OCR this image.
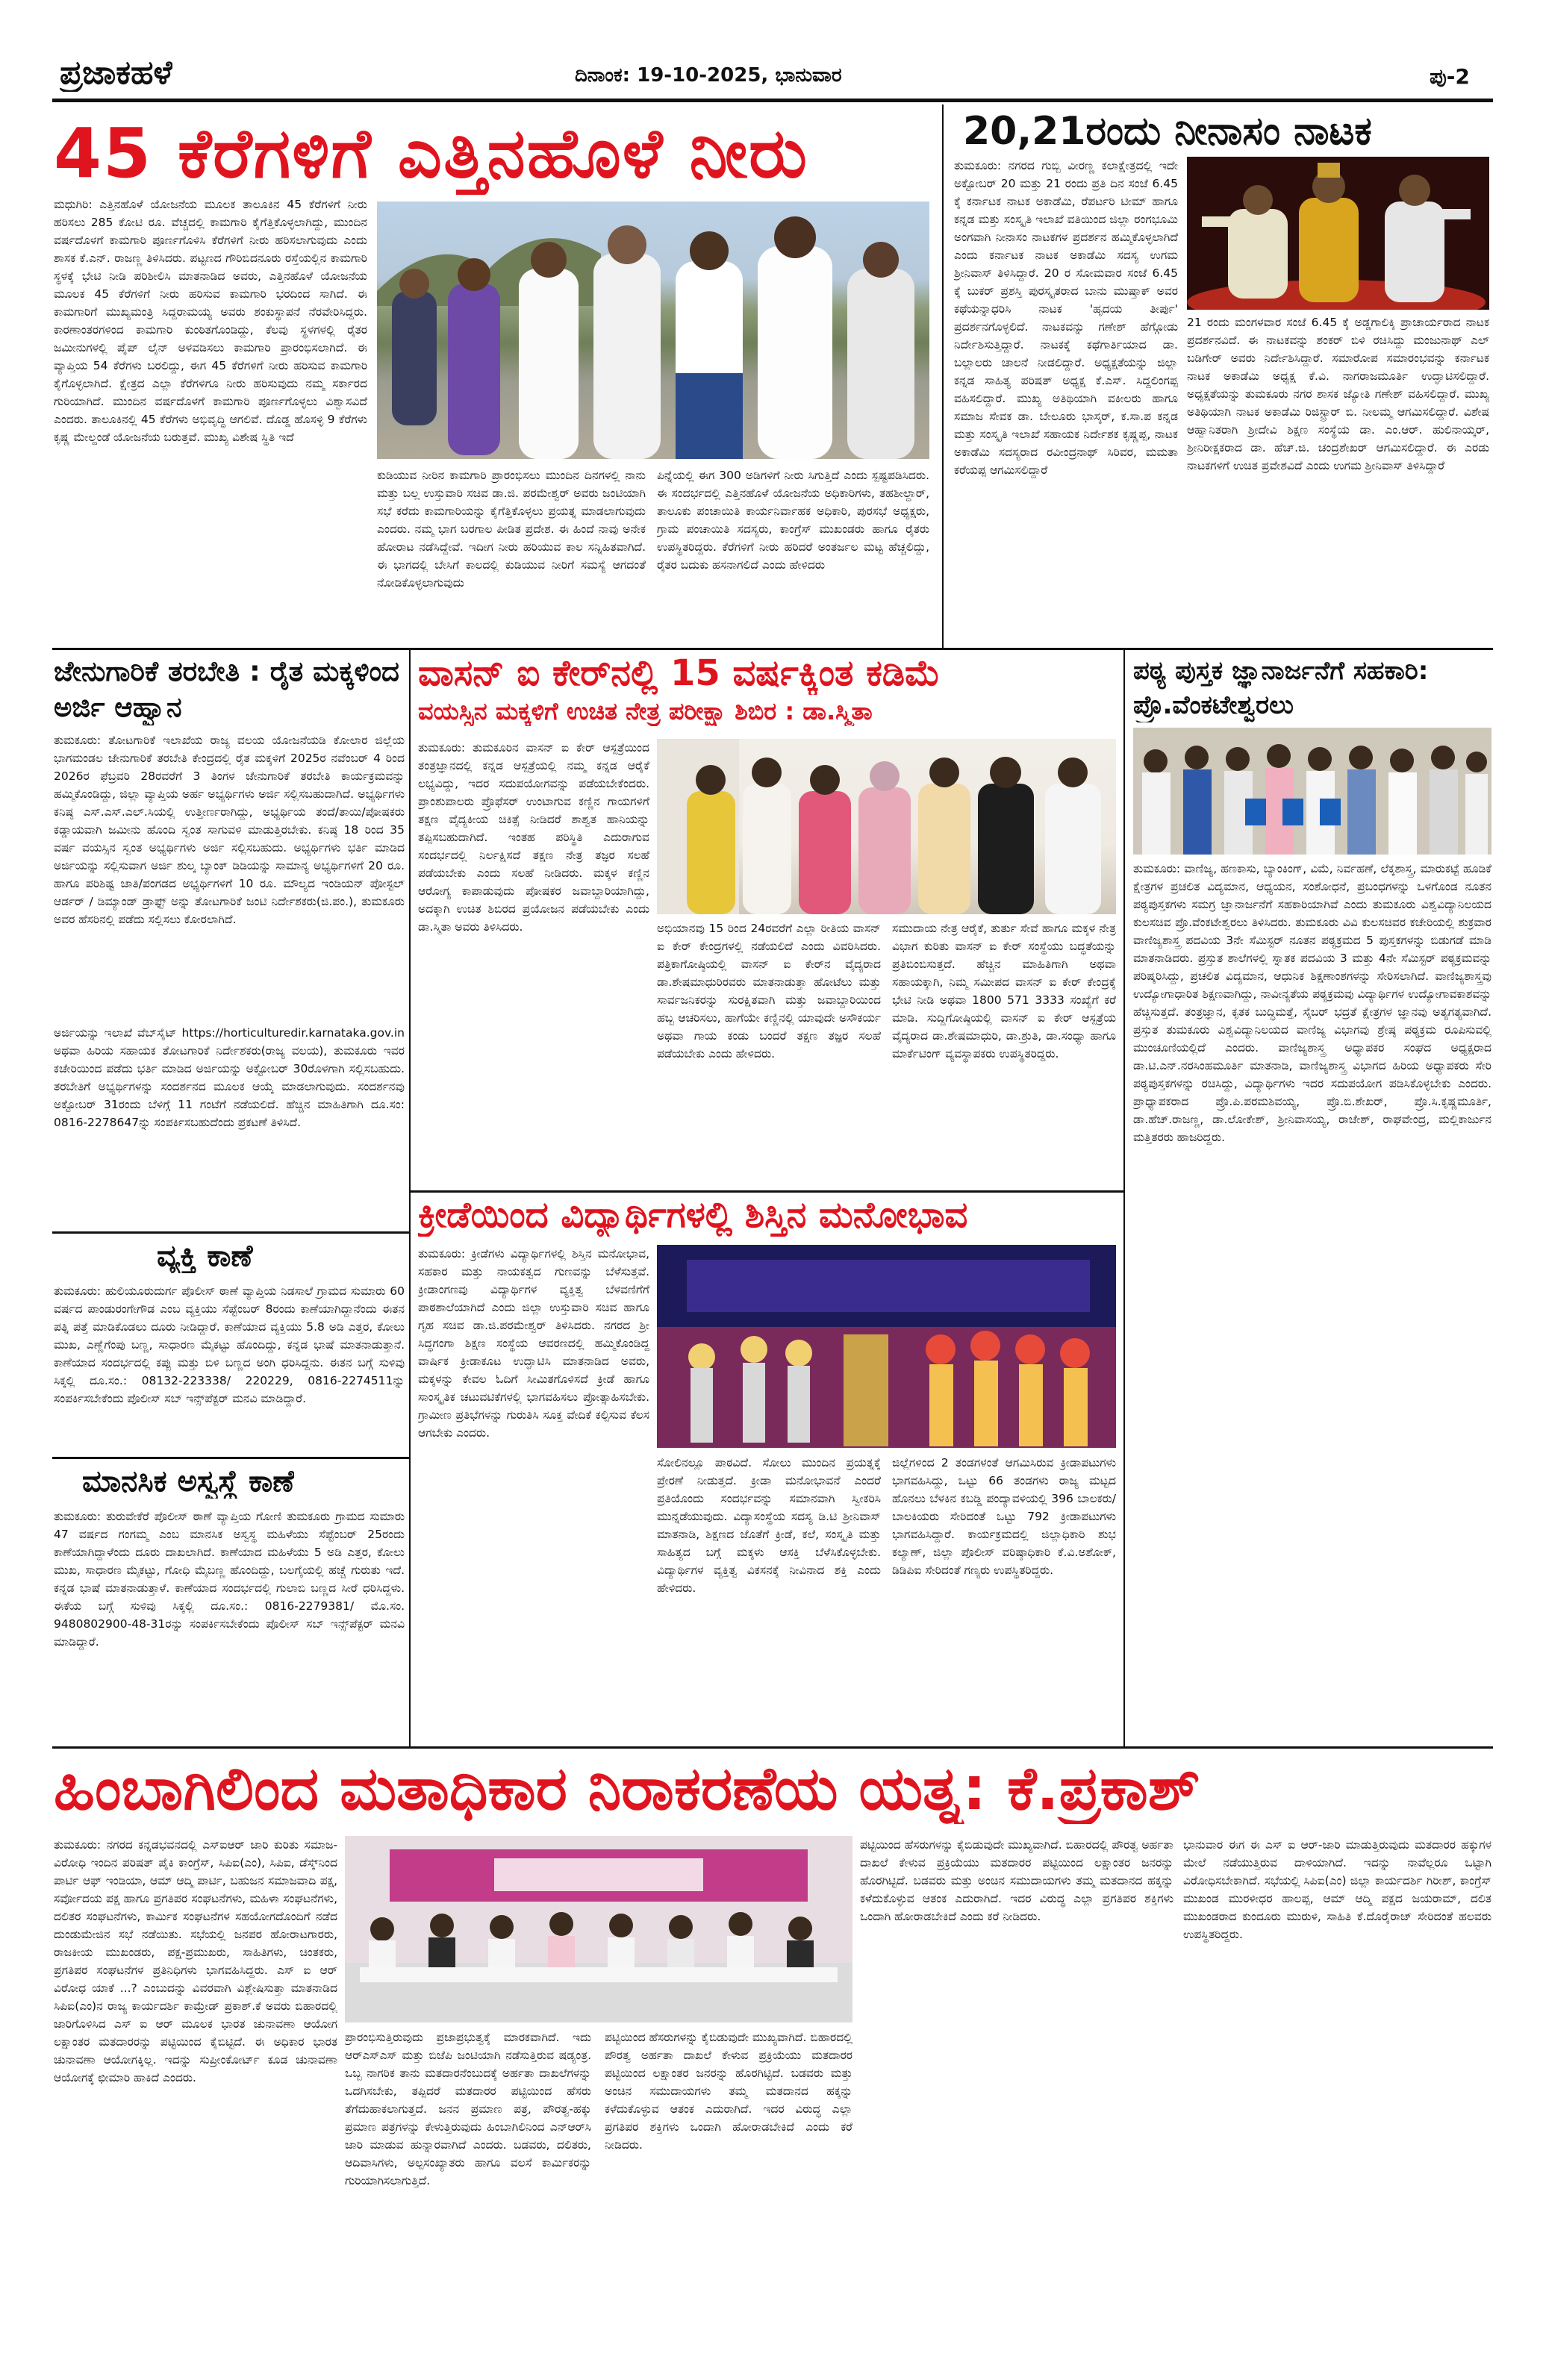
ಪ್ರಜಾಕಹಳೆ	ದಿನಾಂಕ: 19-10-2025, ಭಾನುವಾರ	ಪು-2
45 ಕೆರೆಗಳಿಗೆ ಎತ್ತಿನಹೊಳೆ ನೀರು
ಮಧುಗಿರಿ: ಎತ್ತಿನಹೊಳೆ ಯೋಜನೆಯ ಮೂಲಕ ತಾಲೂಕಿನ 45 ಕೆರೆಗಳಿಗೆ ನೀರು ಹರಿಸಲು 285 ಕೋಟಿ ರೂ. ವೆಚ್ಚದಲ್ಲಿ ಕಾಮಗಾರಿ ಕೈಗೆತ್ತಿಕೊಳ್ಳಲಾಗಿದ್ದು, ಮುಂದಿನ ವರ್ಷದೊಳಗೆ ಕಾಮಗಾರಿ ಪೂರ್ಣಗೊಳಿಸಿ ಕೆರೆಗಳಿಗೆ ನೀರು ಹರಿಸಲಾಗುವುದು ಎಂದು ಶಾಸಕ ಕೆ.ಎನ್. ರಾಜಣ್ಣ ತಿಳಿಸಿದರು. ಪಟ್ಟಣದ ಗೌರಿಬಿದನೂರು ರಸ್ತೆಯಲ್ಲಿನ ಕಾಮಗಾರಿ ಸ್ಥಳಕ್ಕೆ ಭೇಟಿ ನೀಡಿ ಪರಿಶೀಲಿಸಿ ಮಾತನಾಡಿದ ಅವರು, ಎತ್ತಿನಹೊಳೆ ಯೋಜನೆಯ ಮೂಲಕ 45 ಕೆರೆಗಳಿಗೆ ನೀರು ಹರಿಸುವ ಕಾಮಗಾರಿ ಭರದಿಂದ ಸಾಗಿದೆ. ಈ ಕಾಮಗಾರಿಗೆ ಮುಖ್ಯಮಂತ್ರಿ ಸಿದ್ದರಾಮಯ್ಯ ಅವರು ಶಂಕುಸ್ಥಾಪನೆ ನೆರವೇರಿಸಿದ್ದರು. ಕಾರಣಾಂತರಗಳಿಂದ ಕಾಮಗಾರಿ ಕುಂಠಿತಗೊಂಡಿದ್ದು, ಕೆಲವು ಸ್ಥಳಗಳಲ್ಲಿ ರೈತರ ಜಮೀನುಗಳಲ್ಲಿ ಪೈಪ್ ಲೈನ್ ಅಳವಡಿಸಲು ಕಾಮಗಾರಿ ಪ್ರಾರಂಭಿಸಲಾಗಿದೆ. ಈ ವ್ಯಾಪ್ತಿಯ 54 ಕೆರೆಗಳು ಬರಲಿದ್ದು, ಈಗ 45 ಕೆರೆಗಳಿಗೆ ನೀರು ಹರಿಸುವ ಕಾಮಗಾರಿ ಕೈಗೊಳ್ಳಲಾಗಿದೆ. ಕ್ಷೇತ್ರದ ಎಲ್ಲಾ ಕೆರೆಗಳಿಗೂ ನೀರು ಹರಿಸುವುದು ನಮ್ಮ ಸರ್ಕಾರದ ಗುರಿಯಾಗಿದೆ. ಮುಂದಿನ ವರ್ಷದೊಳಗೆ ಕಾಮಗಾರಿ ಪೂರ್ಣಗೊಳ್ಳಲು ವಿಶ್ವಾಸವಿದೆ ಎಂದರು. ತಾಲೂಕಿನಲ್ಲಿ 45 ಕೆರೆಗಳು ಅಭಿವೃದ್ಧಿ ಆಗಲಿವೆ. ದೊಡ್ಡ ಹೊಸಳ್ಳಿ 9 ಕೆರೆಗಳು ಕೃಷ್ಣ ಮೇಲ್ದಂಡೆ ಯೋಜನೆಯ ಬರುತ್ತವೆ. ಮುಖ್ಯ ವಿಶೇಷ ಸ್ಥಿತಿ ಇದೆ
ಕುಡಿಯುವ ನೀರಿನ ಕಾಮಗಾರಿ ಪ್ರಾರಂಭಿಸಲು ಮುಂದಿನ ದಿನಗಳಲ್ಲಿ ನಾನು ಮತ್ತು ಬಲ್ಲ ಉಸ್ತುವಾರಿ ಸಚಿವ ಡಾ.ಜಿ. ಪರಮೇಶ್ವರ್ ಅವರು ಜಂಟಿಯಾಗಿ ಸಭೆ ಕರೆದು ಕಾಮಗಾರಿಯನ್ನು ಕೈಗೆತ್ತಿಕೊಳ್ಳಲು ಪ್ರಯತ್ನ ಮಾಡಲಾಗುವುದು ಎಂದರು. ನಮ್ಮ ಭಾಗ ಬರಗಾಲ ಪೀಡಿತ ಪ್ರದೇಶ. ಈ ಹಿಂದೆ ನಾವು ಅನೇಕ ಹೋರಾಟ ನಡೆಸಿದ್ದೇವೆ. ಇದೀಗ ನೀರು ಹರಿಯುವ ಕಾಲ ಸನ್ನಿಹಿತವಾಗಿದೆ. ಈ ಭಾಗದಲ್ಲಿ ಬೇಸಿಗೆ ಕಾಲದಲ್ಲಿ ಕುಡಿಯುವ ನೀರಿಗೆ ಸಮಸ್ಯೆ ಆಗದಂತೆ ನೋಡಿಕೊಳ್ಳಲಾಗುವುದು
ಪಿನ್ನೆಯಲ್ಲಿ ಈಗ 300 ಅಡಿಗಳಿಗೆ ನೀರು ಸಿಗುತ್ತಿದೆ ಎಂದು ಸ್ಪಷ್ಟಪಡಿಸಿದರು. ಈ ಸಂದರ್ಭದಲ್ಲಿ ಎತ್ತಿನಹೊಳೆ ಯೋಜನೆಯ ಅಧಿಕಾರಿಗಳು, ತಹಶೀಲ್ದಾರ್, ತಾಲೂಕು ಪಂಚಾಯಿತಿ ಕಾರ್ಯನಿರ್ವಾಹಕ ಅಧಿಕಾರಿ, ಪುರಸಭೆ ಅಧ್ಯಕ್ಷರು, ಗ್ರಾಮ ಪಂಚಾಯಿತಿ ಸದಸ್ಯರು, ಕಾಂಗ್ರೆಸ್ ಮುಖಂಡರು ಹಾಗೂ ರೈತರು ಉಪಸ್ಥಿತರಿದ್ದರು. ಕೆರೆಗಳಿಗೆ ನೀರು ಹರಿದರೆ ಅಂತರ್ಜಲ ಮಟ್ಟ ಹೆಚ್ಚಲಿದ್ದು, ರೈತರ ಬದುಕು ಹಸನಾಗಲಿದೆ ಎಂದು ಹೇಳಿದರು
20,21ರಂದು ನೀನಾಸಂ ನಾಟಕ
ತುಮಕೂರು: ನಗರದ ಗುಬ್ಬಿ ವೀರಣ್ಣ ಕಲಾಕ್ಷೇತ್ರದಲ್ಲಿ ಇದೇ ಅಕ್ಟೋಬರ್ 20 ಮತ್ತು 21 ರಂದು ಪ್ರತಿ ದಿನ ಸಂಜೆ 6.45 ಕ್ಕೆ ಕರ್ನಾಟಕ ನಾಟಕ ಅಕಾಡೆಮಿ, ರೆಪರ್ಟರಿ ಟೀಮ್ ಹಾಗೂ ಕನ್ನಡ ಮತ್ತು ಸಂಸ್ಕೃತಿ ಇಲಾಖೆ ವತಿಯಿಂದ ಜಿಲ್ಲಾ ರಂಗಭೂಮಿ ಅಂಗವಾಗಿ ನೀನಾಸಂ ನಾಟಕಗಳ ಪ್ರದರ್ಶನ ಹಮ್ಮಿಕೊಳ್ಳಲಾಗಿದೆ ಎಂದು ಕರ್ನಾಟಕ ನಾಟಕ ಅಕಾಡೆಮಿ ಸದಸ್ಯ ಉಗಮ ಶ್ರೀನಿವಾಸ್ ತಿಳಿಸಿದ್ದಾರೆ. 20 ರ ಸೋಮವಾರ ಸಂಜೆ 6.45 ಕ್ಕೆ ಬುಕರ್ ಪ್ರಶಸ್ತಿ ಪುರಸ್ಕೃತರಾದ ಬಾನು ಮುಷ್ತಾಕ್ ಅವರ ಕಥೆಯನ್ನಾಧರಿಸಿ ನಾಟಕ 'ಹೃದಯ ತೀರ್ಪು' ಪ್ರದರ್ಶನಗೊಳ್ಳಲಿದೆ. ನಾಟಕವನ್ನು ಗಣೇಶ್ ಹೆಗ್ಗೋಡು ನಿರ್ದೇಶಿಸುತ್ತಿದ್ದಾರೆ. ನಾಟಕಕ್ಕೆ ಕಥೆಗಾರ್ತಿಯಾದ ಡಾ. ಬಲ್ಲಾಲರು ಚಾಲನೆ ನೀಡಲಿದ್ದಾರೆ. ಅಧ್ಯಕ್ಷತೆಯನ್ನು ಜಿಲ್ಲಾ ಕನ್ನಡ ಸಾಹಿತ್ಯ ಪರಿಷತ್ ಅಧ್ಯಕ್ಷ ಕೆ.ಎಸ್. ಸಿದ್ದಲಿಂಗಪ್ಪ ವಹಿಸಲಿದ್ದಾರೆ. ಮುಖ್ಯ ಅತಿಥಿಯಾಗಿ ವಕೀಲರು ಹಾಗೂ ಸಮಾಜ ಸೇವಕ ಡಾ. ಬೇಲೂರು ಭಾಸ್ಕರ್, ಕ.ಸಾ.ಪ ಕನ್ನಡ ಮತ್ತು ಸಂಸ್ಕೃತಿ ಇಲಾಖೆ ಸಹಾಯಕ ನಿರ್ದೇಶಕ ಕೃಷ್ಣಪ್ಪ, ನಾಟಕ ಅಕಾಡೆಮಿ ಸದಸ್ಯರಾದ ರವೀಂದ್ರನಾಥ್ ಸಿರಿವರ, ಮಮತಾ ಕರೆಯಪ್ಪ ಆಗಮಿಸಲಿದ್ದಾರೆ
21 ರಂದು ಮಂಗಳವಾರ ಸಂಜೆ 6.45 ಕ್ಕೆ ಅಡ್ಡಗಾಲಿಕ್ಕಿ ಪ್ರಾಚಾರ್ಯರಾದ ನಾಟಕ ಪ್ರದರ್ಶನವಿದೆ. ಈ ನಾಟಕವನ್ನು ಶಂಕರ್ ಬಿಳಿ ರಚಿಸಿದ್ದು ಮಂಜುನಾಥ್ ಎಲ್ ಬಡಿಗೇರ್ ಅವರು ನಿರ್ದೇಶಿಸಿದ್ದಾರೆ. ಸಮಾರೋಪ ಸಮಾರಂಭವನ್ನು ಕರ್ನಾಟಕ ನಾಟಕ ಅಕಾಡೆಮಿ ಅಧ್ಯಕ್ಷ ಕೆ.ವಿ. ನಾಗರಾಜಮೂರ್ತಿ ಉದ್ಘಾಟಿಸಲಿದ್ದಾರೆ. ಅಧ್ಯಕ್ಷತೆಯನ್ನು ತುಮಕೂರು ನಗರ ಶಾಸಕ ಜ್ಯೋತಿ ಗಣೇಶ್ ವಹಿಸಲಿದ್ದಾರೆ. ಮುಖ್ಯ ಅತಿಥಿಯಾಗಿ ನಾಟಕ ಅಕಾಡೆಮಿ ರಿಜಿಸ್ಟ್ರಾರ್ ಬಿ. ನೀಲಮ್ಮ ಆಗಮಿಸಲಿದ್ದಾರೆ. ವಿಶೇಷ ಆಹ್ವಾನಿತರಾಗಿ ಶ್ರೀದೇವಿ ಶಿಕ್ಷಣ ಸಂಸ್ಥೆಯ ಡಾ. ಎಂ.ಆರ್. ಹುಲಿನಾಯ್ಕರ್, ಶ್ರೀನಿರೀಕ್ಷಕರಾದ ಡಾ. ಹೆಚ್.ಜಿ. ಚಂದ್ರಶೇಖರ್ ಆಗಮಿಸಲಿದ್ದಾರೆ. ಈ ಎರಡು ನಾಟಕಗಳಿಗೆ ಉಚಿತ ಪ್ರವೇಶವಿದೆ ಎಂದು ಉಗಮ ಶ್ರೀನಿವಾಸ್ ತಿಳಿಸಿದ್ದಾರೆ
ಜೇನುಗಾರಿಕೆ ತರಬೇತಿ : ರೈತ ಮಕ್ಕಳಿಂದ ಅರ್ಜಿ ಆಹ್ವಾನ
ತುಮಕೂರು: ತೋಟಗಾರಿಕೆ ಇಲಾಖೆಯ ರಾಜ್ಯ ವಲಯ ಯೋಜನೆಯಡಿ ಕೋಲಾರ ಜಿಲ್ಲೆಯ ಭಾಗಮಂಡಲ ಜೇನುಗಾರಿಕೆ ತರಬೇತಿ ಕೇಂದ್ರದಲ್ಲಿ ರೈತ ಮಕ್ಕಳಿಗೆ 2025ರ ನವೆಂಬರ್ 4 ರಿಂದ 2026ರ ಫೆಬ್ರವರಿ 28ರವರೆಗೆ 3 ತಿಂಗಳ ಜೇನುಗಾರಿಕೆ ತರಬೇತಿ ಕಾರ್ಯಕ್ರಮವನ್ನು ಹಮ್ಮಿಕೊಂಡಿದ್ದು, ಜಿಲ್ಲಾ ವ್ಯಾಪ್ತಿಯ ಅರ್ಹ ಅಭ್ಯರ್ಥಿಗಳು ಅರ್ಜಿ ಸಲ್ಲಿಸಬಹುದಾಗಿದೆ. ಅಭ್ಯರ್ಥಿಗಳು ಕನಿಷ್ಠ ಎಸ್.ಎಸ್.ಎಲ್.ಸಿಯಲ್ಲಿ ಉತ್ತೀರ್ಣರಾಗಿದ್ದು, ಅಭ್ಯರ್ಥಿಯ ತಂದೆ/ತಾಯಿ/ಪೋಷಕರು ಕಡ್ಡಾಯವಾಗಿ ಜಮೀನು ಹೊಂದಿ ಸ್ವಂತ ಸಾಗುವಳಿ ಮಾಡುತ್ತಿರಬೇಕು. ಕನಿಷ್ಠ 18 ರಿಂದ 35 ವರ್ಷ ವಯಸ್ಸಿನ ಸ್ವಂತ ಅಭ್ಯರ್ಥಿಗಳು ಅರ್ಜಿ ಸಲ್ಲಿಸಬಹುದು. ಅಭ್ಯರ್ಥಿಗಳು ಭರ್ತಿ ಮಾಡಿದ ಅರ್ಜಿಯನ್ನು ಸಲ್ಲಿಸುವಾಗ ಅರ್ಜಿ ಶುಲ್ಕ ಬ್ಯಾಂಕ್ ಡಿಡಿಯನ್ನು ಸಾಮಾನ್ಯ ಅಭ್ಯರ್ಥಿಗಳಿಗೆ 20 ರೂ. ಹಾಗೂ ಪರಿಶಿಷ್ಟ ಜಾತಿ/ಪಂಗಡದ ಅಭ್ಯರ್ಥಿಗಳಿಗೆ 10 ರೂ. ಮೌಲ್ಯದ ಇಂಡಿಯನ್ ಪೋಸ್ಟಲ್ ಆರ್ಡರ್ / ಡಿಮ್ಯಾಂಡ್ ಡ್ರಾಫ್ಟ್ ಅನ್ನು ತೋಟಗಾರಿಕೆ ಜಂಟಿ ನಿರ್ದೇಶಕರು(ಜಿ.ಪಂ.), ತುಮಕೂರು ಅವರ ಹೆಸರಿನಲ್ಲಿ ಪಡೆದು ಸಲ್ಲಿಸಲು ಕೋರಲಾಗಿದೆ.
ಅರ್ಜಿಯನ್ನು ಇಲಾಖೆ ವೆಬ್‌ಸೈಟ್ https://horticulturedir.karnataka.gov.in ಅಥವಾ ಹಿರಿಯ ಸಹಾಯಕ ತೋಟಗಾರಿಕೆ ನಿರ್ದೇಶಕರು(ರಾಜ್ಯ ವಲಯ), ತುಮಕೂರು ಇವರ ಕಚೇರಿಯಿಂದ ಪಡೆದು ಭರ್ತಿ ಮಾಡಿದ ಅರ್ಜಿಯನ್ನು ಅಕ್ಟೋಬರ್ 30ರೊಳಗಾಗಿ ಸಲ್ಲಿಸಬಹುದು. ತರಬೇತಿಗೆ ಅಭ್ಯರ್ಥಿಗಳನ್ನು ಸಂದರ್ಶನದ ಮೂಲಕ ಆಯ್ಕೆ ಮಾಡಲಾಗುವುದು. ಸಂದರ್ಶನವು ಅಕ್ಟೋಬರ್ 31ರಂದು ಬೆಳಿಗ್ಗೆ 11 ಗಂಟೆಗೆ ನಡೆಯಲಿದೆ. ಹೆಚ್ಚಿನ ಮಾಹಿತಿಗಾಗಿ ದೂ.ಸಂ: 0816-2278647ನ್ನು ಸಂಪರ್ಕಿಸಬಹುದೆಂದು ಪ್ರಕಟಣೆ ತಿಳಿಸಿದೆ.
ವ್ಯಕ್ತಿ ಕಾಣೆ
ತುಮಕೂರು: ಹುಲಿಯೂರುದುರ್ಗ ಪೊಲೀಸ್ ಠಾಣೆ ವ್ಯಾಪ್ತಿಯ ನಿಡಸಾಲೆ ಗ್ರಾಮದ ಸುಮಾರು 60 ವರ್ಷದ ಪಾಂಡುರಂಗೇಗೌಡ ಎಂಬ ವ್ಯಕ್ತಿಯು ಸೆಪ್ಟೆಂಬರ್ 8ರಂದು ಕಾಣೆಯಾಗಿದ್ದಾನೆಂದು ಈತನ ಪತ್ನಿ ಪತ್ತೆ ಮಾಡಿಕೊಡಲು ದೂರು ನೀಡಿದ್ದಾರೆ. ಕಾಣೆಯಾದ ವ್ಯಕ್ತಿಯು 5.8 ಅಡಿ ಎತ್ತರ, ಕೋಲು ಮುಖ, ಎಣ್ಣೆಗೆಂಪು ಬಣ್ಣ, ಸಾಧಾರಣ ಮೈಕಟ್ಟು ಹೊಂದಿದ್ದು, ಕನ್ನಡ ಭಾಷೆ ಮಾತನಾಡುತ್ತಾನೆ. ಕಾಣೆಯಾದ ಸಂದರ್ಭದಲ್ಲಿ ಕಪ್ಪು ಮತ್ತು ಬಿಳಿ ಬಣ್ಣದ ಅಂಗಿ ಧರಿಸಿದ್ದನು. ಈತನ ಬಗ್ಗೆ ಸುಳಿವು ಸಿಕ್ಕಲ್ಲಿ ದೂ.ಸಂ.: 08132-223338/ 220229, 0816-2274511ನ್ನು ಸಂಪರ್ಕಿಸಬೇಕೆಂದು ಪೊಲೀಸ್ ಸಬ್ ಇನ್ಸ್‌ಪೆಕ್ಟರ್ ಮನವಿ ಮಾಡಿದ್ದಾರೆ.
ಮಾನಸಿಕ ಅಸ್ವಸ್ಥೆ ಕಾಣೆ
ತುಮಕೂರು: ತುರುವೇಕೆರೆ ಪೊಲೀಸ್ ಠಾಣೆ ವ್ಯಾಪ್ತಿಯ ಗೋಣಿ ತುಮಕೂರು ಗ್ರಾಮದ ಸುಮಾರು 47 ವರ್ಷದ ಗಂಗಮ್ಮ ಎಂಬ ಮಾನಸಿಕ ಅಸ್ವಸ್ಥ ಮಹಿಳೆಯು ಸೆಪ್ಟೆಂಬರ್ 25ರಂದು ಕಾಣೆಯಾಗಿದ್ದಾಳೆಂದು ದೂರು ದಾಖಲಾಗಿದೆ. ಕಾಣೆಯಾದ ಮಹಿಳೆಯು 5 ಅಡಿ ಎತ್ತರ, ಕೋಲು ಮುಖ, ಸಾಧಾರಣ ಮೈಕಟ್ಟು, ಗೋಧಿ ಮೈಬಣ್ಣ ಹೊಂದಿದ್ದು, ಬಲಗೈಯಲ್ಲಿ ಹಚ್ಚೆ ಗುರುತು ಇದೆ. ಕನ್ನಡ ಭಾಷೆ ಮಾತನಾಡುತ್ತಾಳೆ. ಕಾಣೆಯಾದ ಸಂದರ್ಭದಲ್ಲಿ ಗುಲಾಬಿ ಬಣ್ಣದ ಸೀರೆ ಧರಿಸಿದ್ದಳು. ಈಕೆಯ ಬಗ್ಗೆ ಸುಳಿವು ಸಿಕ್ಕಲ್ಲಿ ದೂ.ಸಂ.: 0816-2279381/ ಮೊ.ಸಂ. 9480802900-48-31ರನ್ನು ಸಂಪರ್ಕಿಸಬೇಕೆಂದು ಪೊಲೀಸ್ ಸಬ್ ಇನ್ಸ್‌ಪೆಕ್ಟರ್ ಮನವಿ ಮಾಡಿದ್ದಾರೆ.
ವಾಸನ್ ಐ ಕೇರ್‌ನಲ್ಲಿ 15 ವರ್ಷಕ್ಕಿಂತ ಕಡಿಮೆ
ವಯಸ್ಸಿನ ಮಕ್ಕಳಿಗೆ ಉಚಿತ ನೇತ್ರ ಪರೀಕ್ಷಾ ಶಿಬಿರ : ಡಾ.ಸ್ಮಿತಾ
ತುಮಕೂರು: ತುಮಕೂರಿನ ವಾಸನ್ ಐ ಕೇರ್ ಆಸ್ಪತ್ರೆಯಿಂದ ತಂತ್ರಜ್ಞಾನದಲ್ಲಿ ಕನ್ನಡ ಆಸ್ಪತ್ರೆಯಲ್ಲಿ ನಮ್ಮ ಕನ್ನಡ ಆರೈಕೆ ಲಭ್ಯವಿದ್ದು, ಇದರ ಸದುಪಯೋಗವನ್ನು ಪಡೆಯಬೇಕೆಂದರು. ಪ್ರಾಂಶುಪಾಲರು ಪ್ರೊಫೆಸರ್ ಉಂಟಾಗುವ ಕಣ್ಣಿನ ಗಾಯಗಳಿಗೆ ತಕ್ಷಣ ವೈದ್ಯಕೀಯ ಚಿಕಿತ್ಸೆ ನೀಡಿದರೆ ಶಾಶ್ವತ ಹಾನಿಯನ್ನು ತಪ್ಪಿಸಬಹುದಾಗಿದೆ. ಇಂತಹ ಪರಿಸ್ಥಿತಿ ಎದುರಾಗುವ ಸಂದರ್ಭದಲ್ಲಿ ನಿರ್ಲಕ್ಷಿಸದೆ ತಕ್ಷಣ ನೇತ್ರ ತಜ್ಞರ ಸಲಹೆ ಪಡೆಯಬೇಕು ಎಂದು ಸಲಹೆ ನೀಡಿದರು. ಮಕ್ಕಳ ಕಣ್ಣಿನ ಆರೋಗ್ಯ ಕಾಪಾಡುವುದು ಪೋಷಕರ ಜವಾಬ್ದಾರಿಯಾಗಿದ್ದು, ಅದಕ್ಕಾಗಿ ಉಚಿತ ಶಿಬಿರದ ಪ್ರಯೋಜನ ಪಡೆಯಬೇಕು ಎಂದು ಡಾ.ಸ್ಮಿತಾ ಅವರು ತಿಳಿಸಿದರು.	ಅಭಿಯಾನವು 15 ರಿಂದ 24ರವರೆಗೆ ಎಲ್ಲಾ ರೀತಿಯ ವಾಸನ್ ಐ ಕೇರ್ ಕೇಂದ್ರಗಳಲ್ಲಿ ನಡೆಯಲಿದೆ ಎಂದು ವಿವರಿಸಿದರು. ಪತ್ರಿಕಾಗೋಷ್ಠಿಯಲ್ಲಿ ವಾಸನ್ ಐ ಕೇರ್‌ನ ವೈದ್ಯರಾದ ಡಾ.ಶೇಷಮಾಧುರಿರವರು ಮಾತನಾಡುತ್ತಾ ಹೋಟೆಲು ಮತ್ತು ಸಾರ್ವಜನಿಕರನ್ನು ಸುರಕ್ಷಿತವಾಗಿ ಮತ್ತು ಜವಾಬ್ದಾರಿಯಿಂದ ಹಬ್ಬ ಆಚರಿಸಲು, ಹಾಗೆಯೇ ಕಣ್ಣಿನಲ್ಲಿ ಯಾವುದೇ ಅಸೌಕರ್ಯ ಅಥವಾ ಗಾಯ ಕಂಡು ಬಂದರೆ ತಕ್ಷಣ ತಜ್ಞರ ಸಲಹೆ ಪಡೆಯಬೇಕು ಎಂದು ಹೇಳಿದರು.
ಸಮುದಾಯ ನೇತ್ರ ಆರೈಕೆ, ತುರ್ತು ಸೇವೆ ಹಾಗೂ ಮಕ್ಕಳ ನೇತ್ರ ವಿಭಾಗ ಕುರಿತು ವಾಸನ್ ಐ ಕೇರ್ ಸಂಸ್ಥೆಯು ಬದ್ಧತೆಯನ್ನು ಪ್ರತಿಬಿಂಬಿಸುತ್ತದೆ. ಹೆಚ್ಚಿನ ಮಾಹಿತಿಗಾಗಿ ಅಥವಾ ಸಹಾಯಕ್ಕಾಗಿ, ನಿಮ್ಮ ಸಮೀಪದ ವಾಸನ್ ಐ ಕೇರ್ ಕೇಂದ್ರಕ್ಕೆ ಭೇಟಿ ನೀಡಿ ಅಥವಾ 1800 571 3333 ಸಂಖ್ಯೆಗೆ ಕರೆ ಮಾಡಿ. ಸುದ್ದಿಗೋಷ್ಠಿಯಲ್ಲಿ ವಾಸನ್ ಐ ಕೇರ್ ಆಸ್ಪತ್ರೆಯ ವೈದ್ಯರಾದ ಡಾ.ಶೇಷಮಾಧುರಿ, ಡಾ.ಶ್ರುತಿ, ಡಾ.ಸಂಧ್ಯಾ ಹಾಗೂ ಮಾರ್ಕೆಟಿಂಗ್ ವ್ಯವಸ್ಥಾಪಕರು ಉಪಸ್ಥಿತರಿದ್ದರು.
ಕ್ರೀಡೆಯಿಂದ ವಿದ್ಯಾರ್ಥಿಗಳಲ್ಲಿ ಶಿಸ್ತಿನ ಮನೋಭಾವ
ತುಮಕೂರು: ಕ್ರೀಡೆಗಳು ವಿದ್ಯಾರ್ಥಿಗಳಲ್ಲಿ ಶಿಸ್ತಿನ ಮನೋಭಾವ, ಸಹಕಾರ ಮತ್ತು ನಾಯಕತ್ವದ ಗುಣವನ್ನು ಬೆಳೆಸುತ್ತವೆ. ಕ್ರೀಡಾಂಗಣವು ವಿದ್ಯಾರ್ಥಿಗಳ ವ್ಯಕ್ತಿತ್ವ ಬೆಳವಣಿಗೆಗೆ ಪಾಠಶಾಲೆಯಾಗಿದೆ ಎಂದು ಜಿಲ್ಲಾ ಉಸ್ತುವಾರಿ ಸಚಿವ ಹಾಗೂ ಗೃಹ ಸಚಿವ ಡಾ.ಜಿ.ಪರಮೇಶ್ವರ್ ತಿಳಿಸಿದರು. ನಗರದ ಶ್ರೀ ಸಿದ್ಧಗಂಗಾ ಶಿಕ್ಷಣ ಸಂಸ್ಥೆಯ ಆವರಣದಲ್ಲಿ ಹಮ್ಮಿಕೊಂಡಿದ್ದ ವಾರ್ಷಿಕ ಕ್ರೀಡಾಕೂಟ ಉದ್ಘಾಟಿಸಿ ಮಾತನಾಡಿದ ಅವರು, ಮಕ್ಕಳನ್ನು ಕೇವಲ ಓದಿಗೆ ಸೀಮಿತಗೊಳಿಸದೆ ಕ್ರೀಡೆ ಹಾಗೂ ಸಾಂಸ್ಕೃತಿಕ ಚಟುವಟಿಕೆಗಳಲ್ಲಿ ಭಾಗವಹಿಸಲು ಪ್ರೋತ್ಸಾಹಿಸಬೇಕು. ಗ್ರಾಮೀಣ ಪ್ರತಿಭೆಗಳನ್ನು ಗುರುತಿಸಿ ಸೂಕ್ತ ವೇದಿಕೆ ಕಲ್ಪಿಸುವ ಕೆಲಸ ಆಗಬೇಕು ಎಂದರು.
ಸೋಲಿನಲ್ಲೂ ಪಾಠವಿದೆ. ಸೋಲು ಮುಂದಿನ ಪ್ರಯತ್ನಕ್ಕೆ ಪ್ರೇರಣೆ ನೀಡುತ್ತದೆ. ಕ್ರೀಡಾ ಮನೋಭಾವನೆ ಎಂದರೆ ಪ್ರತಿಯೊಂದು ಸಂದರ್ಭವನ್ನು ಸಮಾನವಾಗಿ ಸ್ವೀಕರಿಸಿ ಮುನ್ನಡೆಯುವುದು. ವಿದ್ಯಾಸಂಸ್ಥೆಯ ಸದಸ್ಯ ಡಿ.ಟಿ ಶ್ರೀನಿವಾಸ್ ಮಾತನಾಡಿ, ಶಿಕ್ಷಣದ ಜೊತೆಗೆ ಕ್ರೀಡೆ, ಕಲೆ, ಸಂಸ್ಕೃತಿ ಮತ್ತು ಸಾಹಿತ್ಯದ ಬಗ್ಗೆ ಮಕ್ಕಳು ಆಸಕ್ತಿ ಬೆಳೆಸಿಕೊಳ್ಳಬೇಕು. ವಿದ್ಯಾರ್ಥಿಗಳ ವ್ಯಕ್ತಿತ್ವ ವಿಕಸನಕ್ಕೆ ನೀವಿನಾದ ಶಕ್ತಿ ಎಂದು ಹೇಳಿದರು.
ಜಿಲ್ಲೆಗಳಿಂದ 2 ತಂಡಗಳಂತೆ ಆಗಮಿಸಿರುವ ಕ್ರೀಡಾಪಟುಗಳು ಭಾಗವಹಿಸಿದ್ದು, ಒಟ್ಟು 66 ತಂಡಗಳು ರಾಜ್ಯ ಮಟ್ಟದ ಹೊನಲು ಬೆಳಕಿನ ಕಬಡ್ಡಿ ಪಂದ್ಯಾವಳಿಯಲ್ಲಿ 396 ಬಾಲಕರು/ಬಾಲಕಿಯರು ಸೇರಿದಂತೆ ಒಟ್ಟು 792 ಕ್ರೀಡಾಪಟುಗಳು ಭಾಗವಹಿಸಿದ್ದಾರೆ. ಕಾರ್ಯಕ್ರಮದಲ್ಲಿ ಜಿಲ್ಲಾಧಿಕಾರಿ ಶುಭ ಕಲ್ಯಾಣ್, ಜಿಲ್ಲಾ ಪೊಲೀಸ್ ವರಿಷ್ಠಾಧಿಕಾರಿ ಕೆ.ವಿ.ಅಶೋಕ್, ಡಿಡಿಪಿಐ ಸೇರಿದಂತೆ ಗಣ್ಯರು ಉಪಸ್ಥಿತರಿದ್ದರು.
ಪಠ್ಯ ಪುಸ್ತಕ ಜ್ಞಾನಾರ್ಜನೆಗೆ ಸಹಕಾರಿ: ಪ್ರೊ.ವೆಂಕಟೇಶ್ವರಲು
ತುಮಕೂರು: ವಾಣಿಜ್ಯ, ಹಣಕಾಸು, ಬ್ಯಾಂಕಿಂಗ್, ವಿಮೆ, ನಿರ್ವಹಣೆ, ಲೆಕ್ಕಶಾಸ್ತ್ರ, ಮಾರುಕಟ್ಟೆ ಹೂಡಿಕೆ ಕ್ಷೇತ್ರಗಳ ಪ್ರಚಲಿತ ವಿದ್ಯಮಾನ, ಆಧ್ಯಯನ, ಸಂಶೋಧನೆ, ಪ್ರಬಂಧಗಳನ್ನು ಒಳಗೊಂಡ ನೂತನ ಪಠ್ಯಪುಸ್ತಕಗಳು ಸಮಗ್ರ ಜ್ಞಾನಾರ್ಜನೆಗೆ ಸಹಕಾರಿಯಾಗಿವೆ ಎಂದು ತುಮಕೂರು ವಿಶ್ವವಿದ್ಯಾನಿಲಯದ ಕುಲಸಚಿವ ಪ್ರೊ.ವೆಂಕಟೇಶ್ವರಲು ತಿಳಿಸಿದರು. ತುಮಕೂರು ವಿವಿ ಕುಲಸಚಿವರ ಕಚೇರಿಯಲ್ಲಿ ಶುಕ್ರವಾರ ವಾಣಿಜ್ಯಶಾಸ್ತ್ರ ಪದವಿಯ 3ನೇ ಸೆಮಿಸ್ಟರ್ ನೂತನ ಪಠ್ಯಕ್ರಮದ 5 ಪುಸ್ತಕಗಳನ್ನು ಬಿಡುಗಡೆ ಮಾಡಿ ಮಾತನಾಡಿದರು. ಪ್ರಸ್ತುತ ಶಾಲೆಗಳಲ್ಲಿ ಸ್ನಾತಕ ಪದವಿಯ 3 ಮತ್ತು 4ನೇ ಸೆಮಿಸ್ಟರ್ ಪಠ್ಯಕ್ರಮವನ್ನು ಪರಿಷ್ಕರಿಸಿದ್ದು, ಪ್ರಚಲಿತ ವಿದ್ಯಮಾನ, ಆಧುನಿಕ ಶಿಕ್ಷಣಾಂಶಗಳನ್ನು ಸೇರಿಸಲಾಗಿದೆ. ವಾಣಿಜ್ಯಶಾಸ್ತ್ರವು ಉದ್ಯೋಗಾಧಾರಿತ ಶಿಕ್ಷಣವಾಗಿದ್ದು, ನಾವೀನ್ಯತೆಯ ಪಠ್ಯಕ್ರಮವು ವಿದ್ಯಾರ್ಥಿಗಳ ಉದ್ಯೋಗಾವಕಾಶವನ್ನು ಹೆಚ್ಚಿಸುತ್ತದೆ. ತಂತ್ರಜ್ಞಾನ, ಕೃತಕ ಬುದ್ಧಿಮತ್ತೆ, ಸೈಬರ್ ಭದ್ರತೆ ಕ್ಷೇತ್ರಗಳ ಜ್ಞಾನವು ಅತ್ಯಗತ್ಯವಾಗಿದೆ. ಪ್ರಸ್ತುತ ತುಮಕೂರು ವಿಶ್ವವಿದ್ಯಾನಿಲಯದ ವಾಣಿಜ್ಯ ವಿಭಾಗವು ಶ್ರೇಷ್ಠ ಪಠ್ಯಕ್ರಮ ರೂಪಿಸುವಲ್ಲಿ ಮುಂಚೂಣಿಯಲ್ಲಿದೆ ಎಂದರು. ವಾಣಿಜ್ಯಶಾಸ್ತ್ರ ಅಧ್ಯಾಪಕರ ಸಂಘದ ಅಧ್ಯಕ್ಷರಾದ ಡಾ.ಟಿ.ಎನ್.ನರಸಿಂಹಮೂರ್ತಿ ಮಾತನಾಡಿ, ವಾಣಿಜ್ಯಶಾಸ್ತ್ರ ವಿಭಾಗದ ಹಿರಿಯ ಅಧ್ಯಾಪಕರು ಸೇರಿ ಪಠ್ಯಪುಸ್ತಕಗಳನ್ನು ರಚಿಸಿದ್ದು, ವಿದ್ಯಾರ್ಥಿಗಳು ಇದರ ಸದುಪಯೋಗ ಪಡಿಸಿಕೊಳ್ಳಬೇಕು ಎಂದರು. ಪ್ರಾಧ್ಯಾಪಕರಾದ ಪ್ರೊ.ಪಿ.ಪರಮಶಿವಯ್ಯ, ಪ್ರೊ.ಬಿ.ಶೇಖರ್, ಪ್ರೊ.ಸಿ.ಕೃಷ್ಣಮೂರ್ತಿ, ಡಾ.ಹೆಚ್.ರಾಜಣ್ಣ, ಡಾ.ಲೋಕೇಶ್, ಶ್ರೀನಿವಾಸಯ್ಯ, ರಾಜೇಶ್, ರಾಘವೇಂದ್ರ, ಮಲ್ಲಿಕಾರ್ಜುನ ಮತ್ತಿತರರು ಹಾಜರಿದ್ದರು.
ಹಿಂಬಾಗಿಲಿಂದ ಮತಾಧಿಕಾರ ನಿರಾಕರಣೆಯ ಯತ್ನ: ಕೆ.ಪ್ರಕಾಶ್
ತುಮಕೂರು: ನಗರದ ಕನ್ನಡಭವನದಲ್ಲಿ ಎಸ್‌ಐಆರ್ ಜಾರಿ ಕುರಿತು ಸಮಾಜ-ವಿರೋಧಿ ಇಂದಿನ ಪರಿಷತ್ ಪೈಕಿ ಕಾಂಗ್ರೆಸ್, ಸಿಪಿಐ(ಎಂ), ಸಿಪಿಐ, ಡೆಸ್ಕ್‌ನಿಂದ ಪಾರ್ಟಿ ಆಫ್ ಇಂಡಿಯಾ, ಆಮ್ ಆದ್ಮಿ ಪಾರ್ಟಿ, ಬಹುಜನ ಸಮಾಜವಾದಿ ಪಕ್ಷ, ಸರ್ವೋದಯ ಪಕ್ಷ ಹಾಗೂ ಪ್ರಗತಿಪರ ಸಂಘಟನೆಗಳು, ಮಹಿಳಾ ಸಂಘಟನೆಗಳು, ದಲಿತರ ಸಂಘಟನೆಗಳು, ಕಾರ್ಮಿಕ ಸಂಘಟನೆಗಳ ಸಹಯೋಗದೊಂದಿಗೆ ನಡೆದ ದುಂಡುಮೇಜಿನ ಸಭೆ ನಡೆಯಿತು. ಸಭೆಯಲ್ಲಿ ಜನಪರ ಹೋರಾಟಗಾರರು, ರಾಜಕೀಯ ಮುಖಂಡರು, ಪಕ್ಷ-ಪ್ರಮುಖರು, ಸಾಹಿತಿಗಳು, ಚಿಂತಕರು, ಪ್ರಗತಿಪರ ಸಂಘಟನೆಗಳ ಪ್ರತಿನಿಧಿಗಳು ಭಾಗವಹಿಸಿದ್ದರು. ಎಸ್ ಐ ಆರ್ ವಿರೋಧ ಯಾಕೆ ...? ಎಂಬುದನ್ನು ವಿವರವಾಗಿ ವಿಶ್ಲೇಷಿಸುತ್ತಾ ಮಾತನಾಡಿದ ಸಿಪಿಐ(ಎಂ)ನ ರಾಜ್ಯ ಕಾರ್ಯದರ್ಶಿ ಕಾಮ್ರೇಡ್ ಪ್ರಕಾಶ್.ಕೆ ಅವರು ಬಿಹಾರದಲ್ಲಿ ಜಾರಿಗೊಳಿಸಿದ ಎಸ್ ಐ ಆರ್ ಮೂಲಕ ಭಾರತ ಚುನಾವಣಾ ಆಯೋಗ ಲಕ್ಷಾಂತರ ಮತದಾರರನ್ನು ಪಟ್ಟಿಯಿಂದ ಕೈಬಿಟ್ಟಿದೆ. ಈ ಅಧಿಕಾರ ಭಾರತ ಚುನಾವಣಾ ಆಯೋಗಕ್ಕಿಲ್ಲ. ಇದನ್ನು ಸುಪ್ರೀಂಕೋರ್ಟ್ ಕೂಡ ಚುನಾವಣಾ ಆಯೋಗಕ್ಕೆ ಛೀಮಾರಿ ಹಾಕಿದೆ ಎಂದರು.
ಪ್ರಾರಂಭಿಸುತ್ತಿರುವುದು ಪ್ರಜಾಪ್ರಭುತ್ವಕ್ಕೆ ಮಾರಕವಾಗಿದೆ. ಇದು ಆರ್‌ಎಸ್‌ಎಸ್ ಮತ್ತು ಬಿಜೆಪಿ ಜಂಟಿಯಾಗಿ ನಡೆಸುತ್ತಿರುವ ಷಡ್ಯಂತ್ರ. ಒಬ್ಬ ನಾಗರಿಕ ತಾನು ಮತದಾರನೆಂಬುದಕ್ಕೆ ಅರ್ಹತಾ ದಾಖಲೆಗಳನ್ನು ಒದಗಿಸಬೇಕು, ತಪ್ಪಿದರೆ ಮತದಾರರ ಪಟ್ಟಿಯಿಂದ ಹೆಸರು ತೆಗೆದುಹಾಕಲಾಗುತ್ತದೆ. ಜನನ ಪ್ರಮಾಣ ಪತ್ರ, ಪೌರತ್ವ-ಹಕ್ಕು ಪ್ರಮಾಣ ಪತ್ರಗಳನ್ನು ಕೇಳುತ್ತಿರುವುದು ಹಿಂಬಾಗಿಲಿನಿಂದ ಎನ್‌ಆರ್‌ಸಿ ಜಾರಿ ಮಾಡುವ ಹುನ್ನಾರವಾಗಿದೆ ಎಂದರು. ಬಡವರು, ದಲಿತರು, ಆದಿವಾಸಿಗಳು, ಅಲ್ಪಸಂಖ್ಯಾತರು ಹಾಗೂ ವಲಸೆ ಕಾರ್ಮಿಕರನ್ನು ಗುರಿಯಾಗಿಸಲಾಗುತ್ತಿದೆ.
ಪಟ್ಟಿಯಿಂದ ಹೆಸರುಗಳನ್ನು ಕೈಬಿಡುವುದೇ ಮುಖ್ಯವಾಗಿದೆ. ಬಿಹಾರದಲ್ಲಿ ಪೌರತ್ವ ಅರ್ಹತಾ ದಾಖಲೆ ಕೇಳುವ ಪ್ರಕ್ರಿಯೆಯು ಮತದಾರರ ಪಟ್ಟಿಯಿಂದ ಲಕ್ಷಾಂತರ ಜನರನ್ನು ಹೊರಗಿಟ್ಟಿದೆ. ಬಡವರು ಮತ್ತು ಅಂಚಿನ ಸಮುದಾಯಗಳು ತಮ್ಮ ಮತದಾನದ ಹಕ್ಕನ್ನು ಕಳೆದುಕೊಳ್ಳುವ ಆತಂಕ ಎದುರಾಗಿದೆ. ಇದರ ವಿರುದ್ಧ ಎಲ್ಲಾ ಪ್ರಗತಿಪರ ಶಕ್ತಿಗಳು ಒಂದಾಗಿ ಹೋರಾಡಬೇಕಿದೆ ಎಂದು ಕರೆ ನೀಡಿದರು.
ಪಟ್ಟಿಯಿಂದ ಹೆಸರುಗಳನ್ನು ಕೈಬಿಡುವುದೇ ಮುಖ್ಯವಾಗಿದೆ. ಬಿಹಾರದಲ್ಲಿ ಪೌರತ್ವ ಅರ್ಹತಾ ದಾಖಲೆ ಕೇಳುವ ಪ್ರಕ್ರಿಯೆಯು ಮತದಾರರ ಪಟ್ಟಿಯಿಂದ ಲಕ್ಷಾಂತರ ಜನರನ್ನು ಹೊರಗಿಟ್ಟಿದೆ. ಬಡವರು ಮತ್ತು ಅಂಚಿನ ಸಮುದಾಯಗಳು ತಮ್ಮ ಮತದಾನದ ಹಕ್ಕನ್ನು ಕಳೆದುಕೊಳ್ಳುವ ಆತಂಕ ಎದುರಾಗಿದೆ. ಇದರ ವಿರುದ್ಧ ಎಲ್ಲಾ ಪ್ರಗತಿಪರ ಶಕ್ತಿಗಳು ಒಂದಾಗಿ ಹೋರಾಡಬೇಕಿದೆ ಎಂದು ಕರೆ ನೀಡಿದರು.
ಭಾನುವಾರ ಈಗ ಈ ಎಸ್ ಐ ಆರ್-ಜಾರಿ ಮಾಡುತ್ತಿರುವುದು ಮತದಾರರ ಹಕ್ಕುಗಳ ಮೇಲೆ ನಡೆಯುತ್ತಿರುವ ದಾಳಿಯಾಗಿದೆ. ಇದನ್ನು ನಾವೆಲ್ಲರೂ ಒಟ್ಟಾಗಿ ವಿರೋಧಿಸಬೇಕಾಗಿದೆ. ಸಭೆಯಲ್ಲಿ ಸಿಪಿಐ(ಎಂ) ಜಿಲ್ಲಾ ಕಾರ್ಯದರ್ಶಿ ಗಿರೀಶ್, ಕಾಂಗ್ರೆಸ್ ಮುಖಂಡ ಮುರಳೀಧರ ಹಾಲಪ್ಪ, ಆಮ್ ಆದ್ಮಿ ಪಕ್ಷದ ಜಯರಾಮ್, ದಲಿತ ಮುಖಂಡರಾದ ಕುಂದೂರು ಮುರುಳಿ, ಸಾಹಿತಿ ಕೆ.ದೊರೈರಾಜ್ ಸೇರಿದಂತೆ ಹಲವರು ಉಪಸ್ಥಿತರಿದ್ದರು.
